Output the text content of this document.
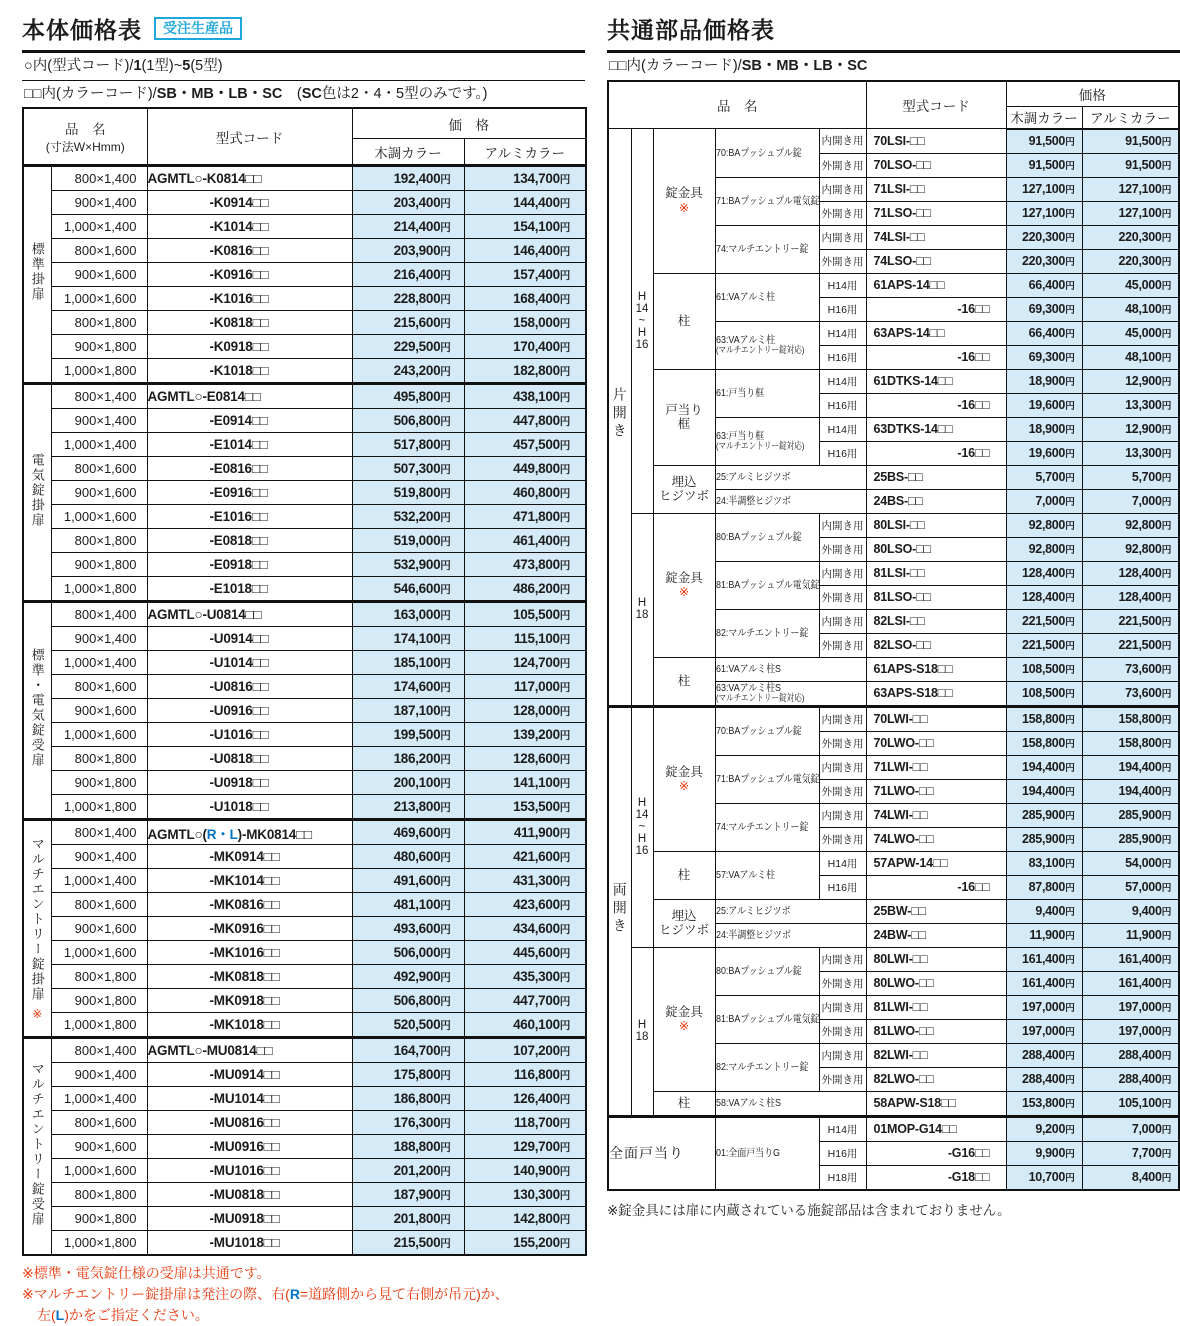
本体価格表	受注生産品
○内(型式コード)/1(1型)~5(5型)
□□内(カラーコード)/SB・MB・LB・SC　(SC色は2・4・5型のみです。)
品　名
(寸法W×Hmm)		型式コード	価　格	
			木調カラー	アルミカラー
標準掛扉	800×1,400	AGMTL○-K0814□□	192,400円	134,700円
	900×1,400	-K0914□□	203,400円	144,400円
	1,000×1,400	-K1014□□	214,400円	154,100円
	800×1,600	-K0816□□	203,900円	146,400円
	900×1,600	-K0916□□	216,400円	157,400円
	1,000×1,600	-K1016□□	228,800円	168,400円
	800×1,800	-K0818□□	215,600円	158,000円
	900×1,800	-K0918□□	229,500円	170,400円
	1,000×1,800	-K1018□□	243,200円	182,800円
電気錠掛扉	800×1,400	AGMTL○-E0814□□	495,800円	438,100円
	900×1,400	-E0914□□	506,800円	447,800円
	1,000×1,400	-E1014□□	517,800円	457,500円
	800×1,600	-E0816□□	507,300円	449,800円
	900×1,600	-E0916□□	519,800円	460,800円
	1,000×1,600	-E1016□□	532,200円	471,800円
	800×1,800	-E0818□□	519,000円	461,400円
	900×1,800	-E0918□□	532,900円	473,800円
	1,000×1,800	-E1018□□	546,600円	486,200円
標準・電気錠受扉	800×1,400	AGMTL○-U0814□□	163,000円	105,500円
	900×1,400	-U0914□□	174,100円	115,100円
	1,000×1,400	-U1014□□	185,100円	124,700円
	800×1,600	-U0816□□	174,600円	117,000円
	900×1,600	-U0916□□	187,100円	128,000円
	1,000×1,600	-U1016□□	199,500円	139,200円
	800×1,800	-U0818□□	186,200円	128,600円
	900×1,800	-U0918□□	200,100円	141,100円
	1,000×1,800	-U1018□□	213,800円	153,500円
マルチエントリー錠掛扉
※	800×1,400	AGMTL○(R・L)-MK0814□□	469,600円	411,900円
	900×1,400	-MK0914□□	480,600円	421,600円
	1,000×1,400	-MK1014□□	491,600円	431,300円
	800×1,600	-MK0816□□	481,100円	423,600円
	900×1,600	-MK0916□□	493,600円	434,600円
	1,000×1,600	-MK1016□□	506,000円	445,600円
	800×1,800	-MK0818□□	492,900円	435,300円
	900×1,800	-MK0918□□	506,800円	447,700円
	1,000×1,800	-MK1018□□	520,500円	460,100円
マルチエントリー錠受扉	800×1,400	AGMTL○-MU0814□□	164,700円	107,200円
	900×1,400	-MU0914□□	175,800円	116,800円
	1,000×1,400	-MU1014□□	186,800円	126,400円
	800×1,600	-MU0816□□	176,300円	118,700円
	900×1,600	-MU0916□□	188,800円	129,700円
	1,000×1,600	-MU1016□□	201,200円	140,900円
	800×1,800	-MU0818□□	187,900円	130,300円
	900×1,800	-MU0918□□	201,800円	142,800円
	1,000×1,800	-MU1018□□	215,500円	155,200円
※標準・電気錠仕様の受扉は共通です。
※マルチエントリー錠掛扉は発注の際、右(R=道路側から見て右側が吊元)か、
左(L)かをご指定ください。
共通部品価格表
□□内(カラーコード)/SB・MB・LB・SC
品　名					型式コード	価格	
						木調カラー	アルミカラー
片開き	
H
14
~
H
16

錠金具
※

70:BAプッシュプル錠
	内開き用	70LSI-□□	91,500円	91,500円
				外開き用	70LSO-□□	91,500円	91,500円

			71:BAプッシュプル電気錠	内開き用	71LSI-□□	127,100円	127,100円
				外開き用	71LSO-□□	127,100円	127,100円

			74:マルチエントリー錠	内開き用	74LSI-□□	220,300円	220,300円
				外開き用	74LSO-□□	220,300円	220,300円

		柱	61:VAアルミ柱	H14用	61APS-14□□	66,400円	45,000円
				H16用	-16□□	69,300円	48,100円

			63:VAアルミ柱
(マルチエントリー錠対応)	H14用	63APS-14□□	66,400円	45,000円
				H16用	-16□□	69,300円	48,100円

		戸当り
框	61:戸当り框	H14用	61DTKS-14□□	18,900円	12,900円
				H16用	-16□□	19,600円	13,300円

			63:戸当り框
(マルチエントリー錠対応)	H14用	63DTKS-14□□	18,900円	12,900円
				H16用	-16□□	19,600円	13,300円

		埋込
ヒジツボ	25:アルミヒジツボ		25BS-□□	5,700円	5,700円

			24:半調整ヒジツボ		24BS-□□	7,000円	7,000円

H
18

錠金具
※

80:BAプッシュプル錠
	内開き用	80LSI-□□	92,800円	92,800円
				外開き用	80LSO-□□	92,800円	92,800円

			81:BAプッシュプル電気錠	内開き用	81LSI-□□	128,400円	128,400円
				外開き用	81LSO-□□	128,400円	128,400円

			82:マルチエントリー錠	内開き用	82LSI-□□	221,500円	221,500円
				外開き用	82LSO-□□	221,500円	221,500円

		柱	61:VAアルミ柱S		61APS-S18□□	108,500円	73,600円

			63:VAアルミ柱S
(マルチエントリー錠対応)		63APS-S18□□	108,500円	73,600円
両開き	
H
14
~
H
16

錠金具
※

70:BAプッシュプル錠
	内開き用	70LWI-□□	158,800円	158,800円
				外開き用	70LWO-□□	158,800円	158,800円

			71:BAプッシュプル電気錠	内開き用	71LWI-□□	194,400円	194,400円
				外開き用	71LWO-□□	194,400円	194,400円

			74:マルチエントリー錠	内開き用	74LWI-□□	285,900円	285,900円
				外開き用	74LWO-□□	285,900円	285,900円

		柱	57:VAアルミ柱	H14用	57APW-14□□	83,100円	54,000円
				H16用	-16□□	87,800円	57,000円

		埋込
ヒジツボ	25:アルミヒジツボ		25BW-□□	9,400円	9,400円

			24:半調整ヒジツボ		24BW-□□	11,900円	11,900円

H
18

錠金具
※

80:BAプッシュプル錠
	内開き用	80LWI-□□	161,400円	161,400円
				外開き用	80LWO-□□	161,400円	161,400円

			81:BAプッシュプル電気錠	内開き用	81LWI-□□	197,000円	197,000円
				外開き用	81LWO-□□	197,000円	197,000円

			82:マルチエントリー錠	内開き用	82LWI-□□	288,400円	288,400円
				外開き用	82LWO-□□	288,400円	288,400円

		柱	58:VAアルミ柱S		58APW-S18□□	153,800円	105,100円
全面戸当り			01:全面戸当りG	H14用	01MOP-G14□□	9,200円	7,000円
				H16用	-G16□□	9,900円	7,700円
				H18用	-G18□□	10,700円	8,400円
※錠金具には扉に内蔵されている施錠部品は含まれておりません。
